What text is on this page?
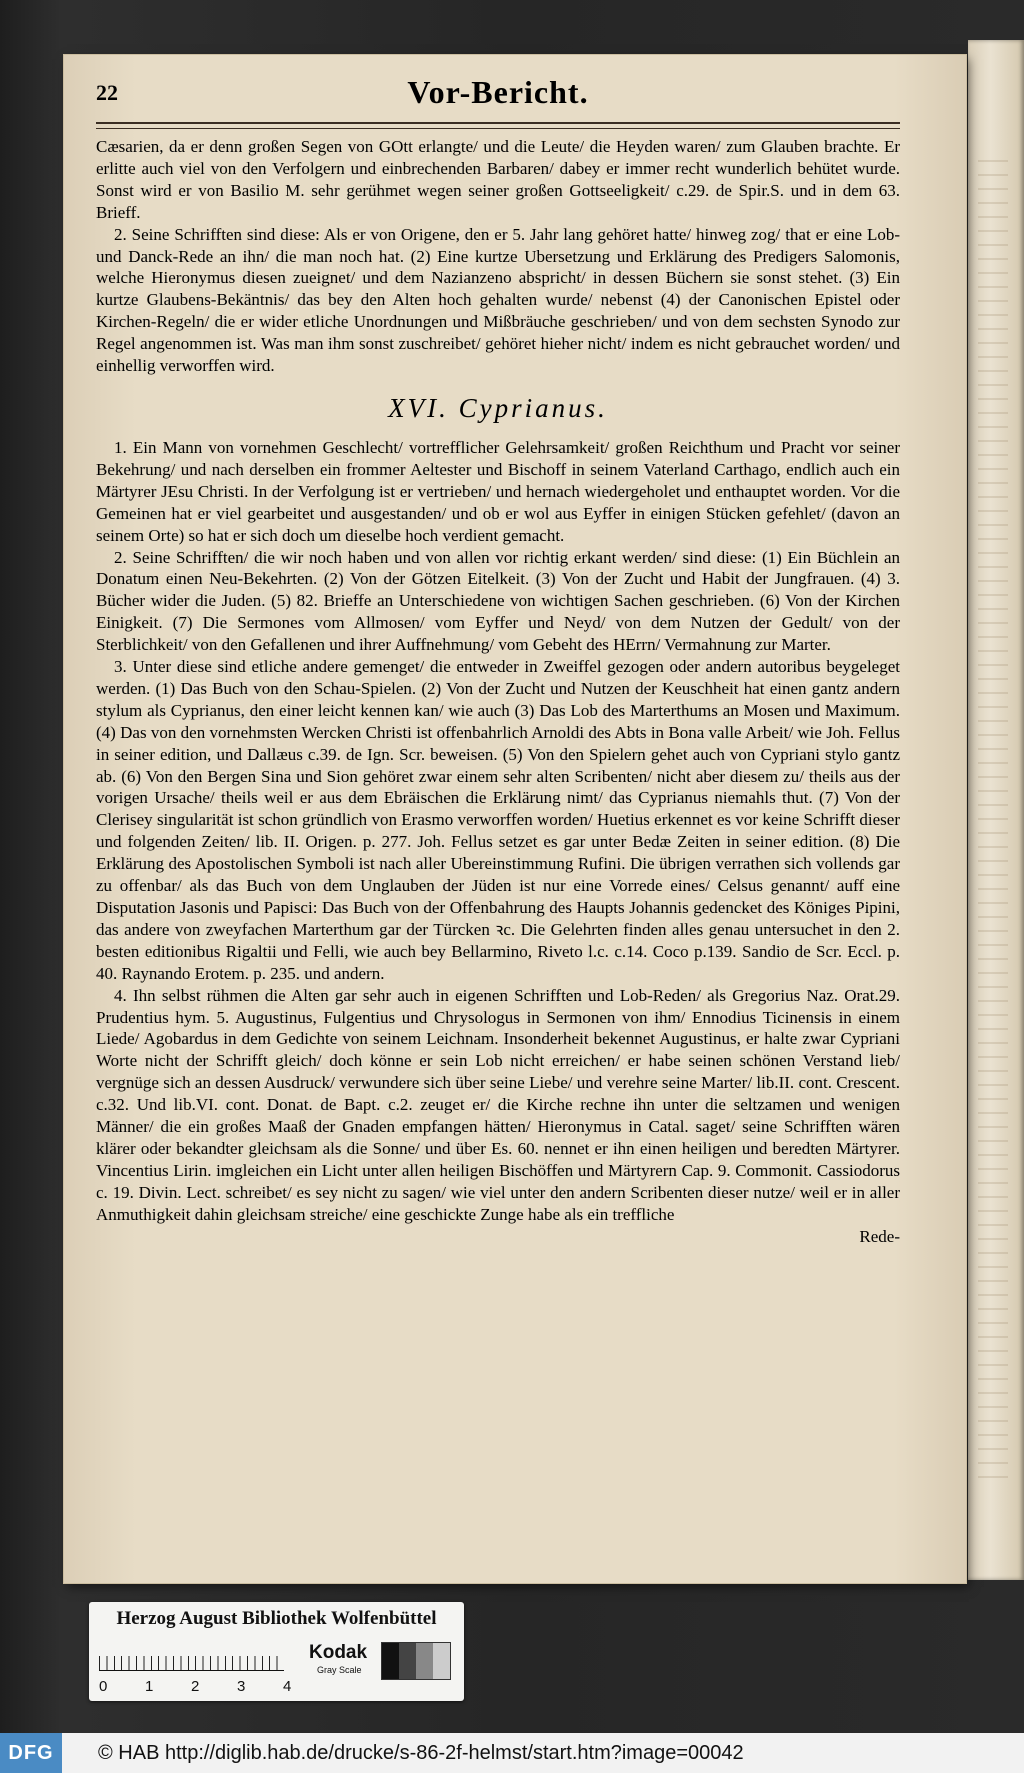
22	Vor-Bericht.

Cæsarien, da er denn großen Segen von GOtt erlangte/ und die Leute/ die Heyden waren/ zum Glauben brachte. Er erlitte auch viel von den Verfolgern und einbrechenden Barbaren/ dabey er immer recht wunderlich behütet wurde. Sonst wird er von Basilio M. sehr gerühmet wegen seiner großen Gottseeligkeit/ c.29. de Spir.S. und in dem 63. Brieff.

2. Seine Schrifften sind diese: Als er von Origene, den er 5. Jahr lang gehöret hatte/ hinweg zog/ that er eine Lob- und Danck-Rede an ihn/ die man noch hat. (2) Eine kurtze Ubersetzung und Erklärung des Predigers Salomonis, welche Hieronymus diesen zueignet/ und dem Nazianzeno abspricht/ in dessen Büchern sie sonst stehet. (3) Ein kurtze Glaubens-Bekäntnis/ das bey den Alten hoch gehalten wurde/ nebenst (4) der Canonischen Epistel oder Kirchen-Regeln/ die er wider etliche Unordnungen und Mißbräuche geschrieben/ und von dem sechsten Synodo zur Regel angenommen ist. Was man ihm sonst zuschreibet/ gehöret hieher nicht/ indem es nicht gebrauchet worden/ und einhellig verworffen wird.

XVI. Cyprianus.

1. Ein Mann von vornehmen Geschlecht/ vortrefflicher Gelehrsamkeit/ großen Reichthum und Pracht vor seiner Bekehrung/ und nach derselben ein frommer Aeltester und Bischoff in seinem Vaterland Carthago, endlich auch ein Märtyrer JEsu Christi. In der Verfolgung ist er vertrieben/ und hernach wiedergeholet und enthauptet worden. Vor die Gemeinen hat er viel gearbeitet und ausgestanden/ und ob er wol aus Eyffer in einigen Stücken gefehlet/ (davon an seinem Orte) so hat er sich doch um dieselbe hoch verdient gemacht.

2. Seine Schrifften/ die wir noch haben und von allen vor richtig erkant werden/ sind diese: (1) Ein Büchlein an Donatum einen Neu-Bekehrten. (2) Von der Götzen Eitelkeit. (3) Von der Zucht und Habit der Jungfrauen. (4) 3. Bücher wider die Juden. (5) 82. Brieffe an Unterschiedene von wichtigen Sachen geschrieben. (6) Von der Kirchen Einigkeit. (7) Die Sermones vom Allmosen/ vom Eyffer und Neyd/ von dem Nutzen der Gedult/ von der Sterblichkeit/ von den Gefallenen und ihrer Auffnehmung/ vom Gebeht des HErrn/ Vermahnung zur Marter.

3. Unter diese sind etliche andere gemenget/ die entweder in Zweiffel gezogen oder andern autoribus beygeleget werden. (1) Das Buch von den Schau-Spielen. (2) Von der Zucht und Nutzen der Keuschheit hat einen gantz andern stylum als Cyprianus, den einer leicht kennen kan/ wie auch (3) Das Lob des Marterthums an Mosen und Maximum. (4) Das von den vornehmsten Wercken Christi ist offenbahrlich Arnoldi des Abts in Bona valle Arbeit/ wie Joh. Fellus in seiner edition, und Dallæus c.39. de Ign. Scr. beweisen. (5) Von den Spielern gehet auch von Cypriani stylo gantz ab. (6) Von den Bergen Sina und Sion gehöret zwar einem sehr alten Scribenten/ nicht aber diesem zu/ theils aus der vorigen Ursache/ theils weil er aus dem Ebräischen die Erklärung nimt/ das Cyprianus niemahls thut. (7) Von der Clerisey singularität ist schon gründlich von Erasmo verworffen worden/ Huetius erkennet es vor keine Schrifft dieser und folgenden Zeiten/ lib. II. Origen. p. 277. Joh. Fellus setzet es gar unter Bedæ Zeiten in seiner edition. (8) Die Erklärung des Apostolischen Symboli ist nach aller Ubereinstimmung Rufini. Die übrigen verrathen sich vollends gar zu offenbar/ als das Buch von dem Unglauben der Jüden ist nur eine Vorrede eines/ Celsus genannt/ auff eine Disputation Jasonis und Papisci: Das Buch von der Offenbahrung des Haupts Johannis gedencket des Königes Pipini, das andere von zweyfachen Marterthum gar der Türcken ꝛc. Die Gelehrten finden alles genau untersuchet in den 2. besten editionibus Rigaltii und Felli, wie auch bey Bellarmino, Riveto l.c. c.14. Coco p.139. Sandio de Scr. Eccl. p. 40. Raynando Erotem. p. 235. und andern.

4. Ihn selbst rühmen die Alten gar sehr auch in eigenen Schrifften und Lob-Reden/ als Gregorius Naz. Orat.29. Prudentius hym. 5. Augustinus, Fulgentius und Chrysologus in Sermonen von ihm/ Ennodius Ticinensis in einem Liede/ Agobardus in dem Gedichte von seinem Leichnam. Insonderheit bekennet Augustinus, er halte zwar Cypriani Worte nicht der Schrifft gleich/ doch könne er sein Lob nicht erreichen/ er habe seinen schönen Verstand lieb/ vergnüge sich an dessen Ausdruck/ verwundere sich über seine Liebe/ und verehre seine Marter/ lib.II. cont. Crescent. c.32. Und lib.VI. cont. Donat. de Bapt. c.2. zeuget er/ die Kirche rechne ihn unter die seltzamen und wenigen Männer/ die ein großes Maaß der Gnaden empfangen hätten/ Hieronymus in Catal. saget/ seine Schrifften wären klärer oder bekandter gleichsam als die Sonne/ und über Es. 60. nennet er ihn einen heiligen und beredten Märtyrer. Vincentius Lirin. imgleichen ein Licht unter allen heiligen Bischöffen und Märtyrern Cap. 9. Commonit. Cassiodorus c. 19. Divin. Lect. schreibet/ es sey nicht zu sagen/ wie viel unter den andern Scribenten dieser nutze/ weil er in aller Anmuthigkeit dahin gleichsam streiche/ eine geschickte Zunge habe als ein treffliche

Rede-
Herzog August Bibliothek Wolfenbüttel
0	1	2	3	4
Kodak
Gray Scale
DFG	© HAB http://diglib.hab.de/drucke/s-86-2f-helmst/start.htm?image=00042
